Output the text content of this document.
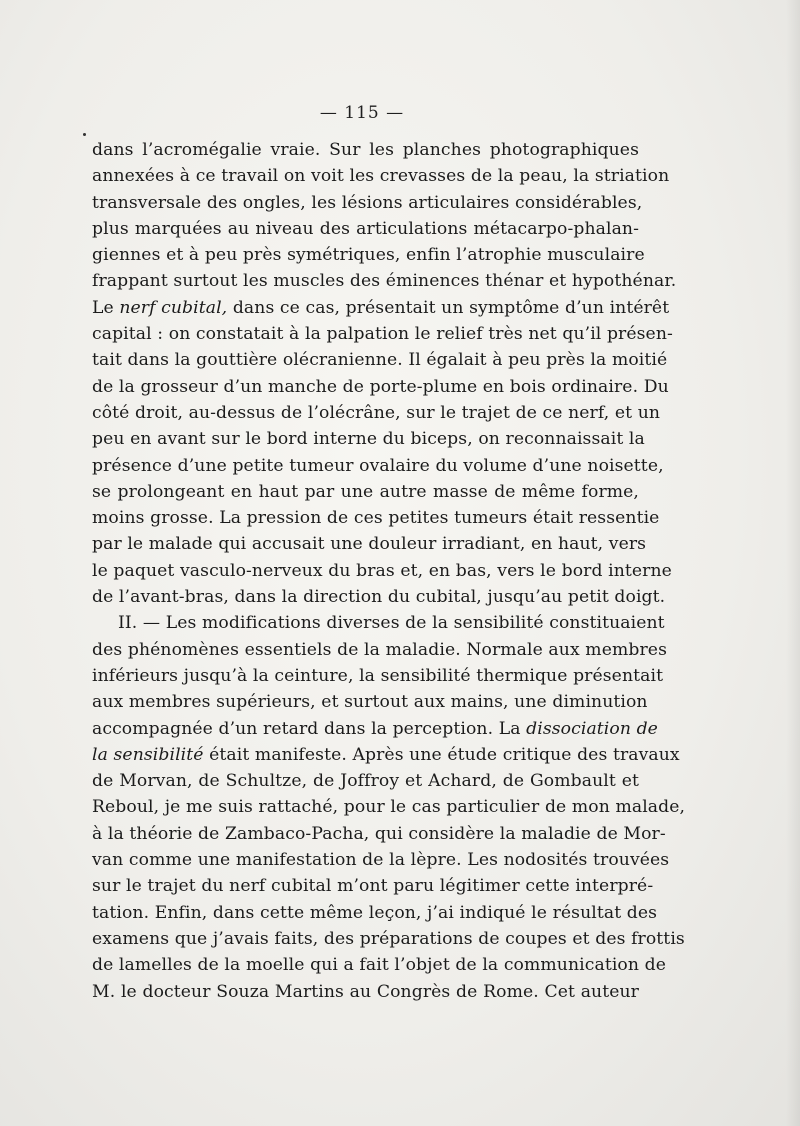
— 115 —
dans l’acromégalie vraie. Sur les planches photographiques
annexées à ce travail on voit les crevasses de la peau, la striation
transversale des ongles, les lésions articulaires considérables,
plus marquées au niveau des articulations métacarpo-phalan-
giennes et à peu près symétriques, enfin l’atrophie musculaire
frappant surtout les muscles des éminences thénar et hypothénar.
Le nerf cubital, dans ce cas, présentait un symptôme d’un intérêt
capital : on constatait à la palpation le relief très net qu’il présen-
tait dans la gouttière olécranienne. Il égalait à peu près la moitié
de la grosseur d’un manche de porte-plume en bois ordinaire. Du
côté droit, au-dessus de l’olécrâne, sur le trajet de ce nerf, et un
peu en avant sur le bord interne du biceps, on reconnaissait la
présence d’une petite tumeur ovalaire du volume d’une noisette,
se prolongeant en haut par une autre masse de même forme,
moins grosse. La pression de ces petites tumeurs était ressentie
par le malade qui accusait une douleur irradiant, en haut, vers
le paquet vasculo-nerveux du bras et, en bas, vers le bord interne
de l’avant-bras, dans la direction du cubital, jusqu’au petit doigt.
II. — Les modifications diverses de la sensibilité constituaient
des phénomènes essentiels de la maladie. Normale aux membres
inférieurs jusqu’à la ceinture, la sensibilité thermique présentait
aux membres supérieurs, et surtout aux mains, une diminution
accompagnée d’un retard dans la perception. La dissociation de
la sensibilité était manifeste. Après une étude critique des travaux
de Morvan, de Schultze, de Joffroy et Achard, de Gombault et
Reboul, je me suis rattaché, pour le cas particulier de mon malade,
à la théorie de Zambaco-Pacha, qui considère la maladie de Mor-
van comme une manifestation de la lèpre. Les nodosités trouvées
sur le trajet du nerf cubital m’ont paru légitimer cette interpré-
tation. Enfin, dans cette même leçon, j’ai indiqué le résultat des
examens que j’avais faits, des préparations de coupes et des frottis
de lamelles de la moelle qui a fait l’objet de la communication de
M. le docteur Souza Martins au Congrès de Rome. Cet auteur
